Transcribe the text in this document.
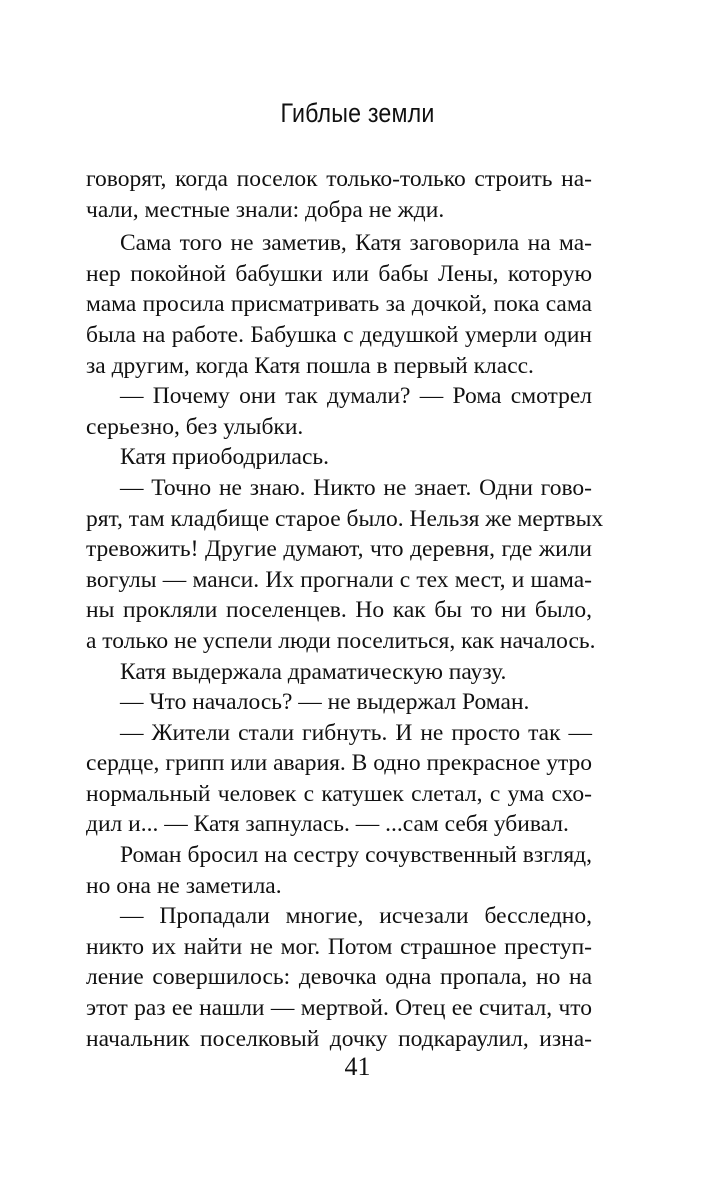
Гиблые земли
говорят, когда поселок только-только строить на-
чали, местные знали: добра не жди.
Сама того не заметив, Катя заговорила на ма-
нер покойной бабушки или бабы Лены, которую
мама просила присматривать за дочкой, пока сама
была на работе. Бабушка с дедушкой умерли один
за другим, когда Катя пошла в первый класс.
— Почему они так думали? — Рома смотрел
серьезно, без улыбки.
Катя приободрилась.
— Точно не знаю. Никто не знает. Одни гово-
рят, там кладбище старое было. Нельзя же мертвых
тревожить! Другие думают, что деревня, где жили
вогулы — манси. Их прогнали с тех мест, и шама-
ны прокляли поселенцев. Но как бы то ни было,
а только не успели люди поселиться, как началось.
Катя выдержала драматическую паузу.
— Что началось? — не выдержал Роман.
— Жители стали гибнуть. И не просто так —
сердце, грипп или авария. В одно прекрасное утро
нормальный человек с катушек слетал, с ума схо-
дил и... — Катя запнулась. — ...сам себя убивал.
Роман бросил на сестру сочувственный взгляд,
но она не заметила.
— Пропадали многие, исчезали бесследно,
никто их найти не мог. Потом страшное преступ-
ление совершилось: девочка одна пропала, но на
этот раз ее нашли — мертвой. Отец ее считал, что
начальник поселковый дочку подкараулил, изна-
41
